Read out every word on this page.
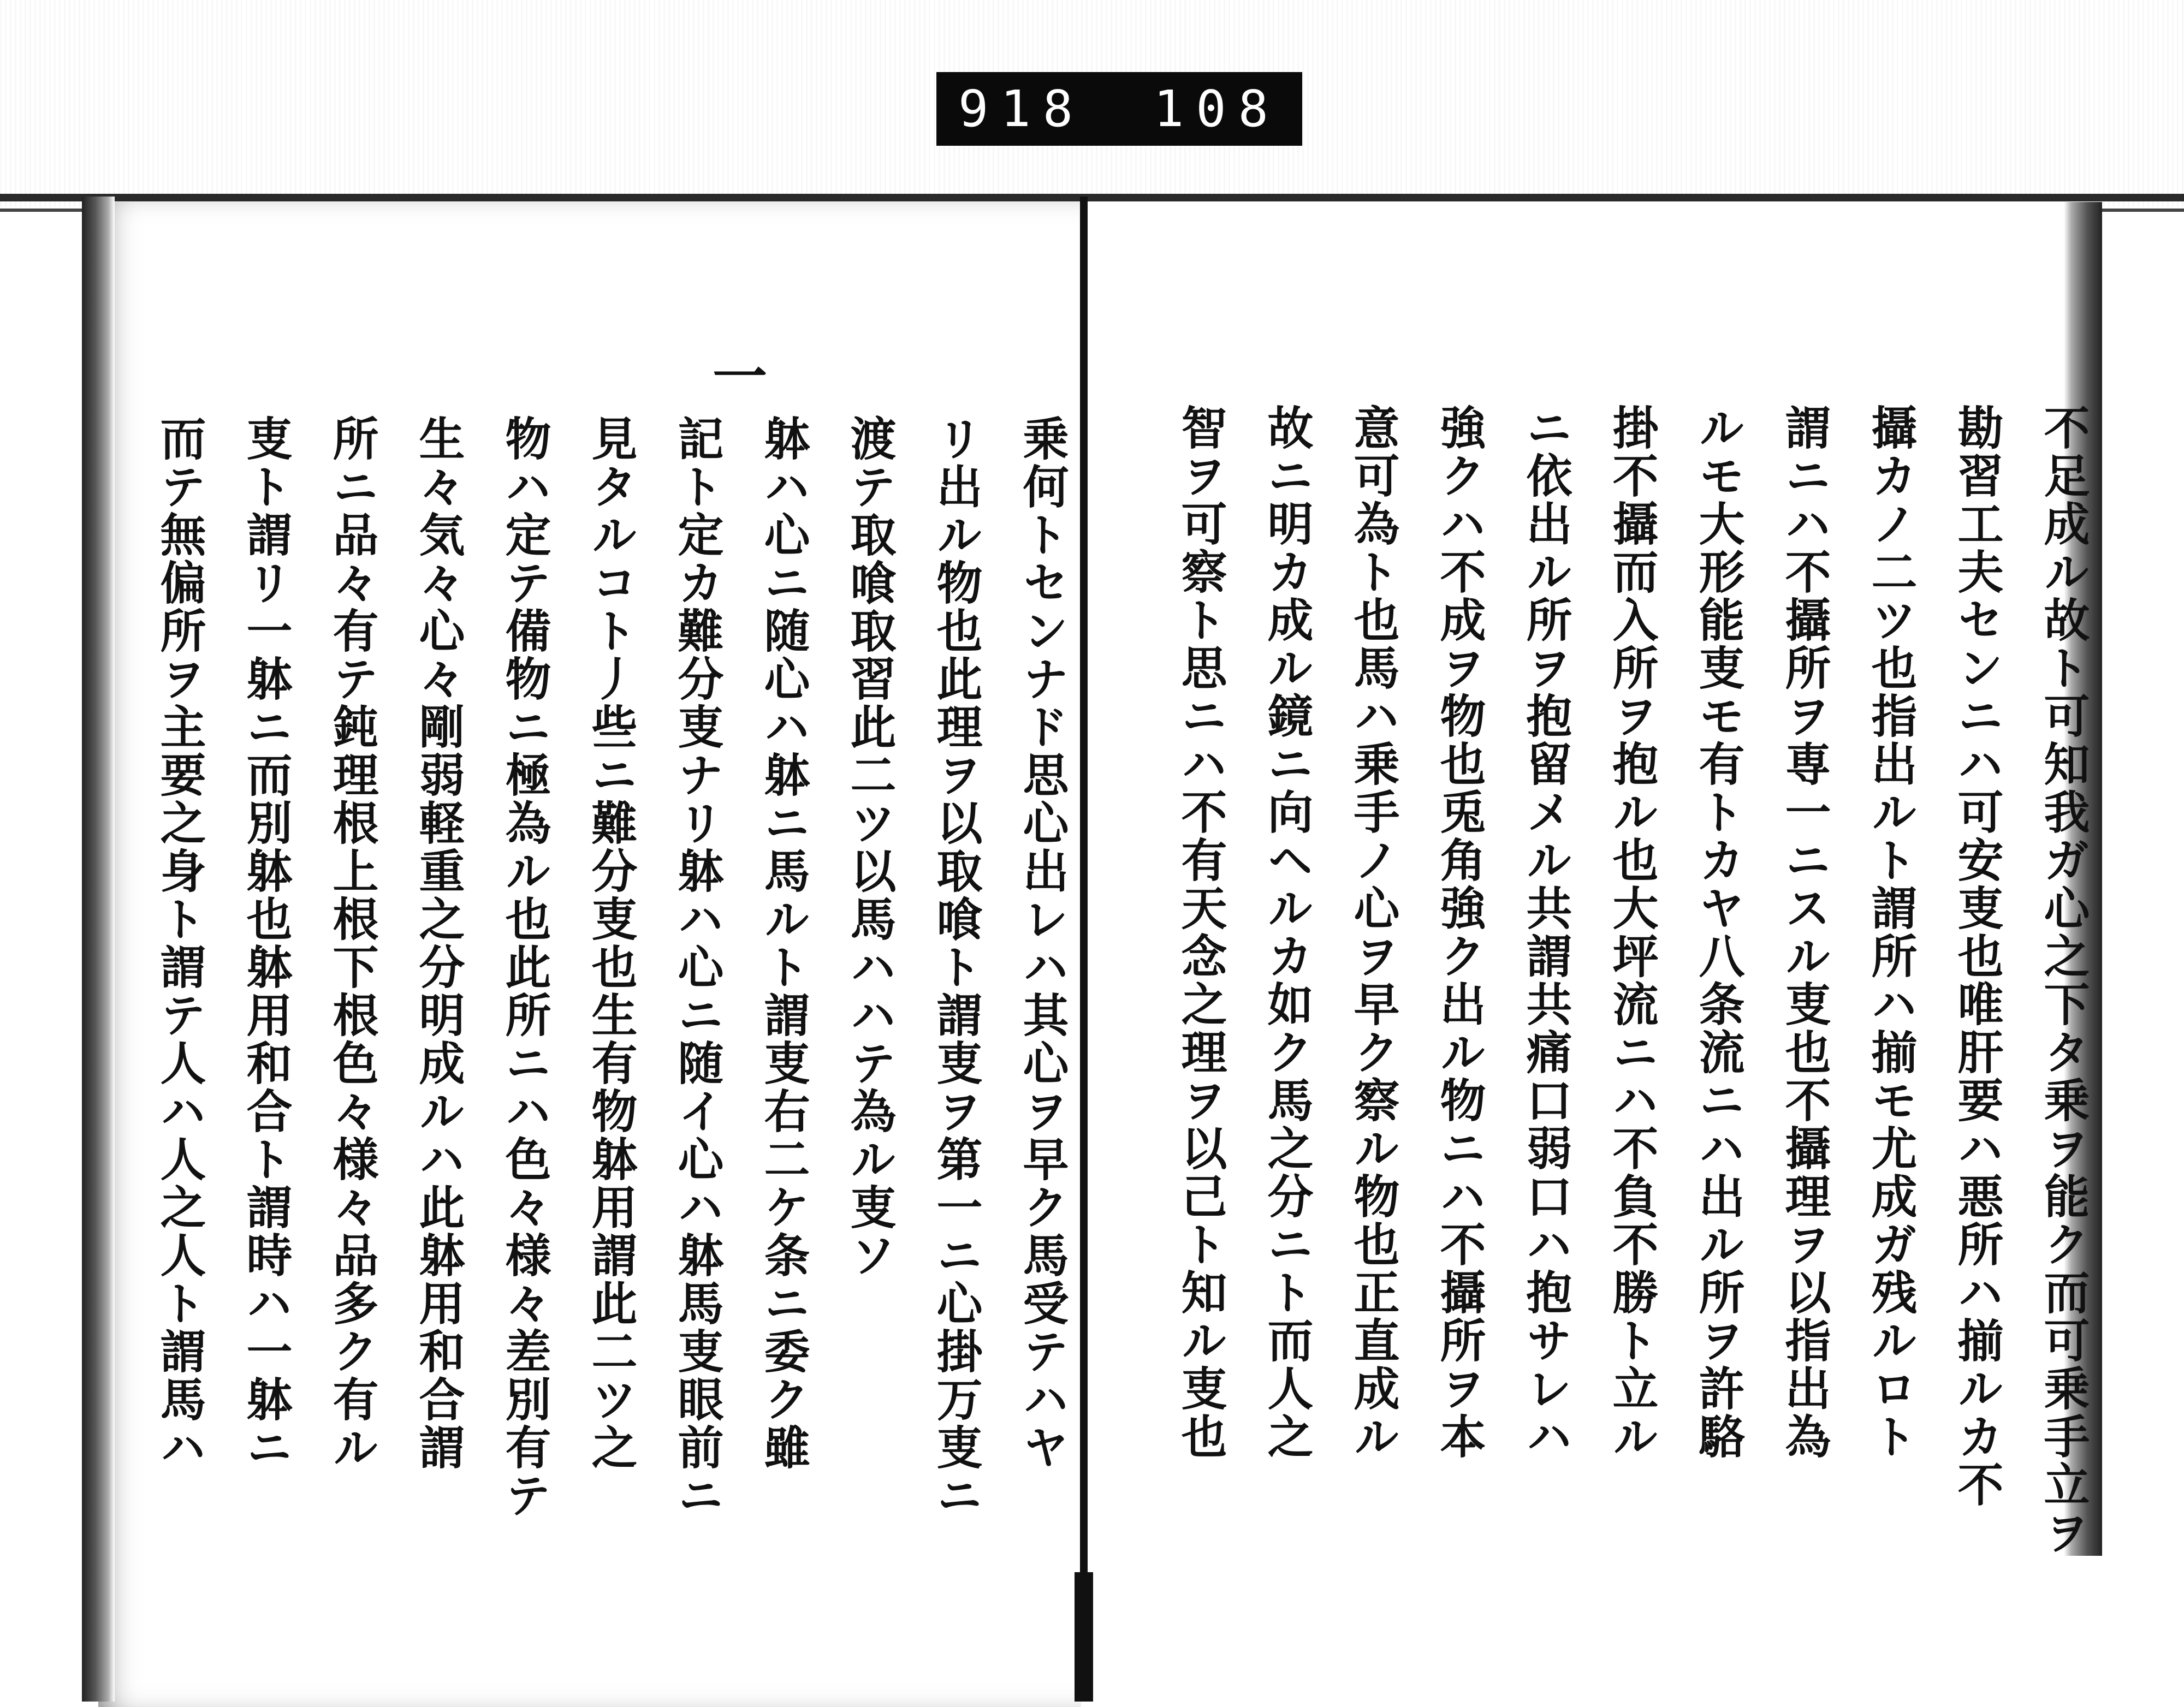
918 108
一
乗何トセンナド思心出レハ其心ヲ早ク馬受テハヤ
リ出ル物也此理ヲ以取喰ト謂叓ヲ第一ニ心掛万叓ニ
渡テ取喰取習此二ツ以馬ハハテ為ル叓ソ
躰ハ心ニ随心ハ躰ニ馬ルト謂叓右二ケ条ニ委ク雖
記ト定カ難分叓ナリ躰ハ心ニ随イ心ハ躰馬叓眼前ニ
見タルコト丿些ニ難分叓也生有物躰用謂此二ツ之
物ハ定テ備物ニ極為ル也此所ニハ色々様々差別有テ
生々気々心々剛弱軽重之分明成ルハ此躰用和合謂
所ニ品々有テ鈍理根上根下根色々様々品多ク有ル
叓ト謂リ一躰ニ而別躰也躰用和合ト謂時ハ一躰ニ
而テ無偏所ヲ主要之身ト謂テ人ハ人之人ト謂馬ハ	不足成ル故ト可知我ガ心之下タ乗ヲ能ク而可乗手立ヲ
勘習工夫センニハ可安叓也唯肝要ハ悪所ハ揃ルカ不
攝カノ二ツ也指出ルト謂所ハ揃モ尤成ガ残ルロト
謂ニハ不攝所ヲ専一ニスル叓也不攝理ヲ以指出為
ルモ大形能叓モ有トカヤ八条流ニハ出ル所ヲ許駱
掛不攝而入所ヲ抱ル也大坪流ニハ不負不勝ト立ル
ニ依出ル所ヲ抱留メル共謂共痛口弱口ハ抱サレハ
強クハ不成ヲ物也兎角強ク出ル物ニハ不攝所ヲ本
意可為ト也馬ハ乗手ノ心ヲ早ク察ル物也正直成ル
故ニ明カ成ル鏡ニ向ヘルカ如ク馬之分ニト而人之
智ヲ可察ト思ニハ不有天念之理ヲ以己ト知ル叓也
